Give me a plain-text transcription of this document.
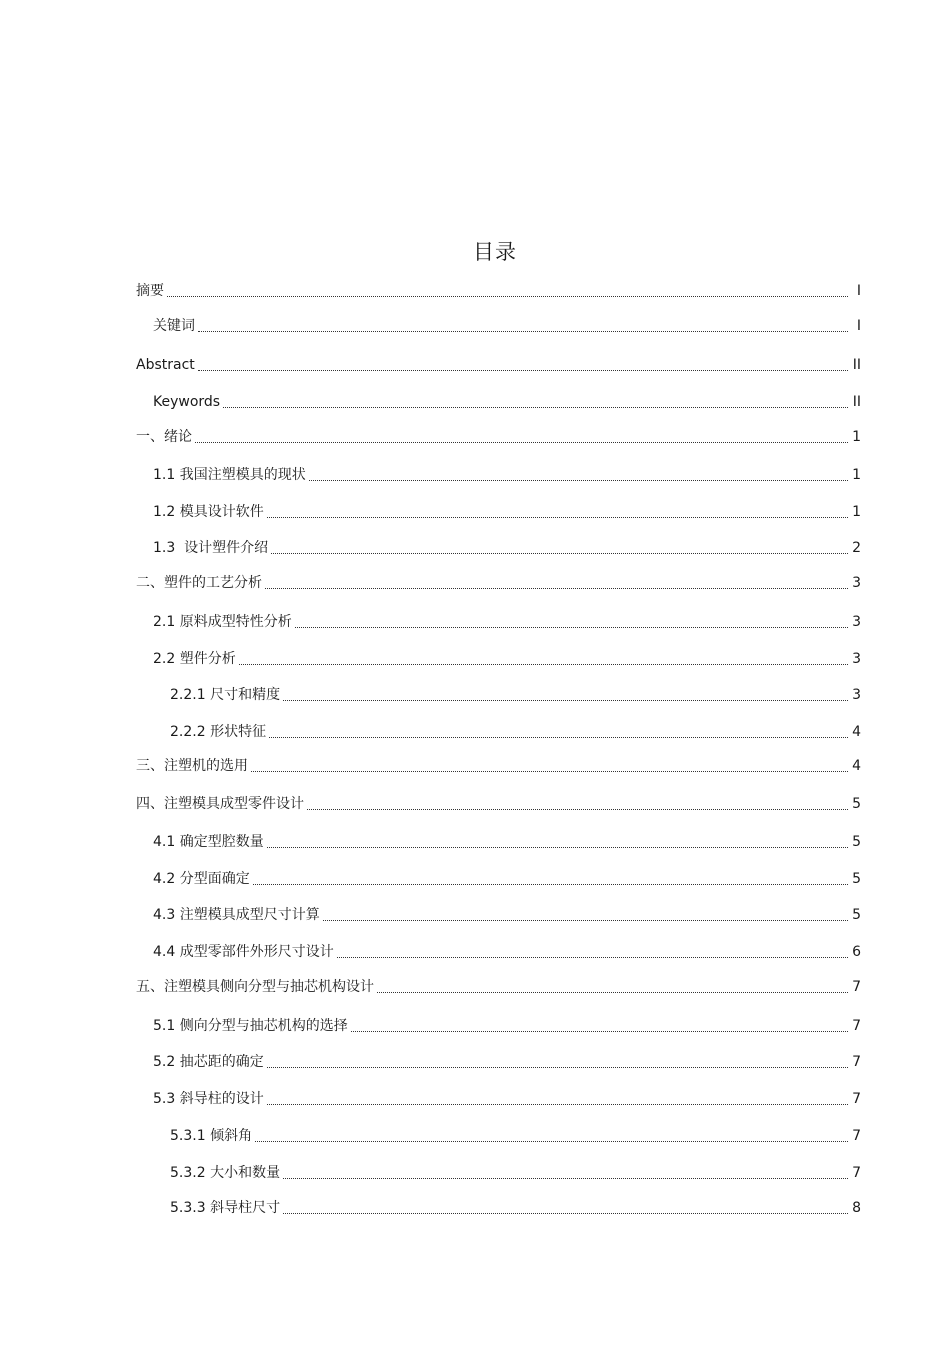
目录
摘要	I
关键词	I
Abstract	II
Keywords	II
一、绪论	1
1.1 我国注塑模具的现状	1
1.2 模具设计软件	1
1.3  设计塑件介绍	2
二、塑件的工艺分析	3
2.1 原料成型特性分析	3
2.2 塑件分析	3
2.2.1 尺寸和精度	3
2.2.2 形状特征	4
三、注塑机的选用	4
四、注塑模具成型零件设计	5
4.1 确定型腔数量	5
4.2 分型面确定	5
4.3 注塑模具成型尺寸计算	5
4.4 成型零部件外形尺寸设计	6
五、注塑模具侧向分型与抽芯机构设计	7
5.1 侧向分型与抽芯机构的选择	7
5.2 抽芯距的确定	7
5.3 斜导柱的设计	7
5.3.1 倾斜角	7
5.3.2 大小和数量	7
5.3.3 斜导柱尺寸	8
